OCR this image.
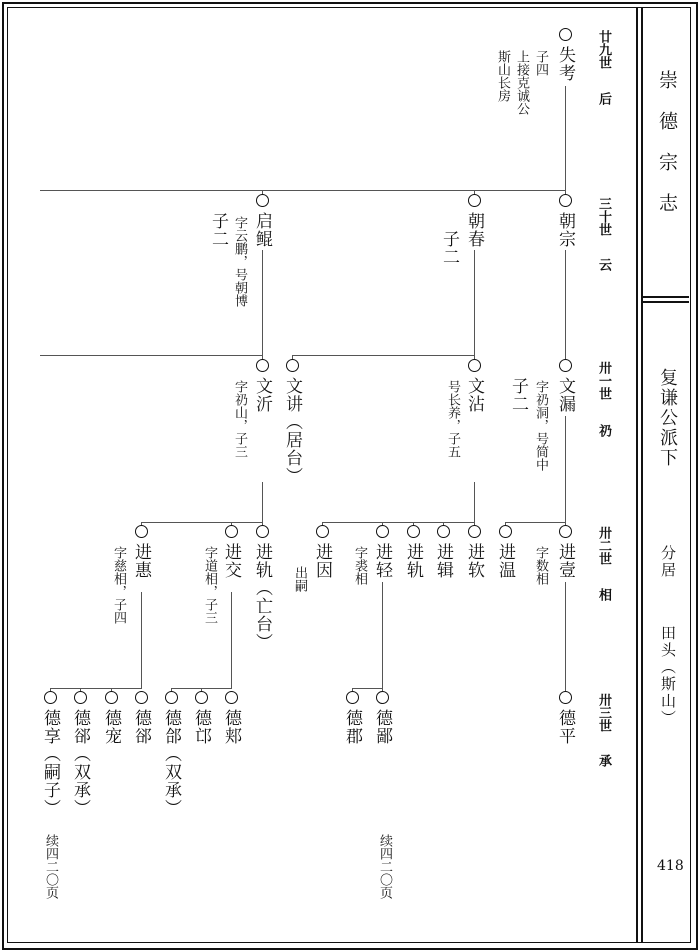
崇德宗志
复谦公派下
分居
田头（斯山）
418
廿九世
后
三十世
云
卅一世
礽
卅二世
相
卅三世
承
失考
子四
上接克诚公
斯山长房
朝宗
朝春
子二
启鲲
字云鹏，号朝博
子二
文漏
字礽洞，号简中
子二
文沾
号长养，子五
文讲（居台）
文沂
字礽山，子三
进壹
字数相
进温
进软
进辑
进轨
进轻
字裘相
进因
出嗣
进轨（亡台）
进交
字道相，子三
进惠
字慈相，子四
德平
德鄙
德郡
德郏
德邙
德郃（双承）
德郤
德宠
德郤（双承）
德享（嗣子）
续四二〇页
续四二〇页
